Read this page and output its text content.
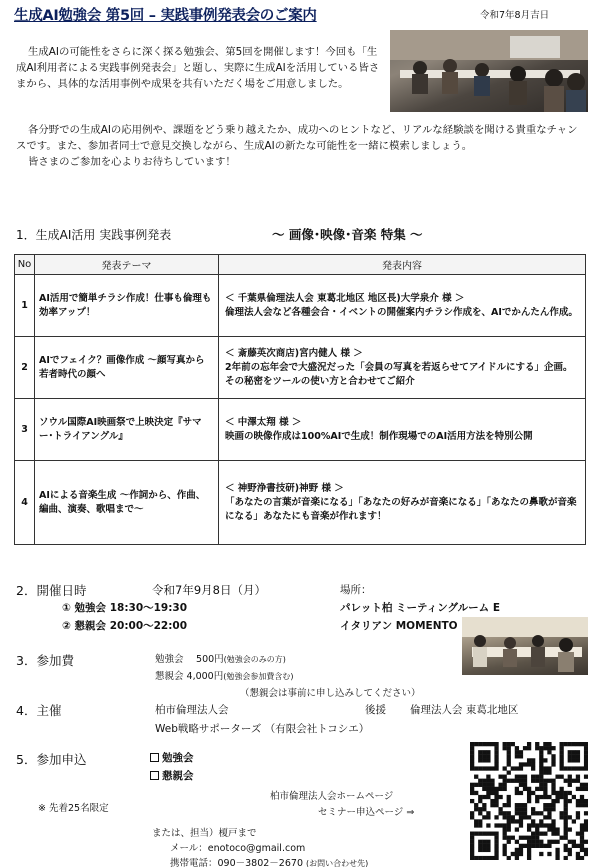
生成AI勉強会 第5回 – 実践事例発表会のご案内	令和7年8月吉日

生成AIの可能性をさらに深く探る勉強会、第5回を開催します！今回も「生成AI利用者による実践事例発表会」と題し、実際に生成AIを活用している皆さまから、具体的な活用事例や成果を共有いただく場をご用意しました。

各分野での生成AIの応用例や、課題をどう乗り越えたか、成功へのヒントなど、リアルな経験談を聞ける貴重なチャンスです。また、参加者同士で意見交換しながら、生成AIの新たな可能性を一緒に模索しましょう。

皆さまのご参加を心よりお待ちしています！

1．生成AI活用 実践事例発表	～ 画像･映像･音楽 特集 ～
No	発表テーマ	発表内容
1	AI活用で簡単チラシ作成！仕事も倫理も効率アップ！	＜ 千葉県倫理法人会 東葛北地区 地区長)大学泉介 様 ＞
倫理法人会など各種会合・イベントの開催案内チラシ作成を、AIでかんたん作成。

2	AIでフェイク？画像作成 ～顔写真から若者時代の顔へ	＜ 斎藤英次商店)宮内健人 様 ＞
2年前の忘年会で大盛況だった「会員の写真を若返らせてアイドルにする」企画。その秘密をツールの使い方と合わせてご紹介

3	ソウル国際AI映画祭で上映決定『サマー･トライアングル』	＜ 中澤太翔 様 ＞
映画の映像作成は100%AIで生成！制作現場でのAI活用方法を特別公開

4	AIによる音楽生成 ～作詞から、作曲、編曲、演奏、歌唱まで～	＜ 神野浄書技研)神野 様 ＞
「あなたの言葉が音楽になる」「あなたの好みが音楽になる」「あなたの鼻歌が音楽になる」あなたにも音楽が作れます！
2．開催日時	令和7年9月8日（月）
① 勉強会 18:30～19:30
② 懇親会 20:00～22:00
場所：
パレット柏 ミーティングルーム E
イタリアン MOMENTO
3．参加費	勉強会　 500円(勉強会のみの方)
懇親会 4,000円(勉強会参加費含む)
（懇親会は事前に申し込みしてください）
4．主催	柏市倫理法人会	後援 倫理法人会 東葛北地区
Web戦略サポーターズ （有限会社トコシエ）
5．参加申込	勉強会
懇親会
※ 先着25名限定
柏市倫理法人会ホームページ
セミナー申込ページ ⇒
または、担当）榎戸まで
メール：enotoco@gmail.com
携帯電話：090－3802－2670 (お問い合わせ先)
